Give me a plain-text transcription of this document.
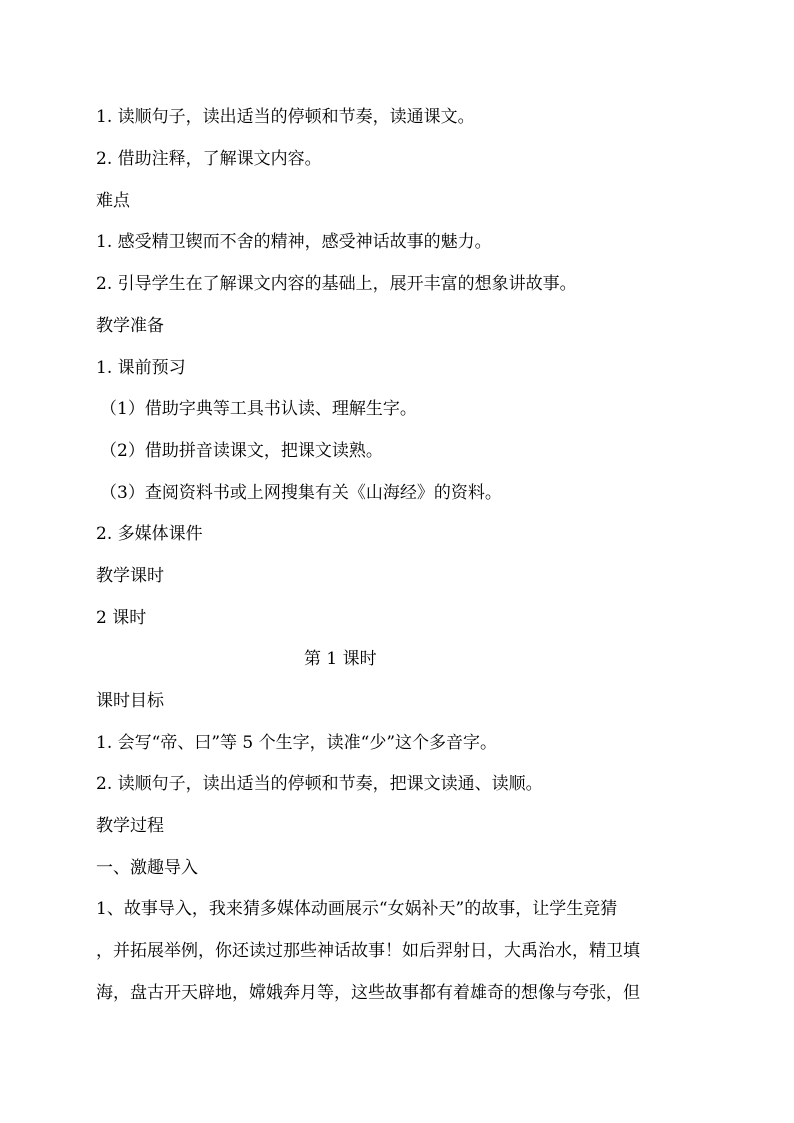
1. 读顺句子，读出适当的停顿和节奏，读通课文。
2. 借助注释，了解课文内容。
难点
1. 感受精卫锲而不舍的精神，感受神话故事的魅力。
2. 引导学生在了解课文内容的基础上，展开丰富的想象讲故事。
教学准备
1. 课前预习
（1）借助字典等工具书认读、理解生字。
（2）借助拼音读课文，把课文读熟。
（3）查阅资料书或上网搜集有关《山海经》的资料。
2. 多媒体课件
教学课时
2 课时
第 1 课时
课时目标
1. 会写“帝、曰”等 5 个生字，读准“少”这个多音字。
2. 读顺句子，读出适当的停顿和节奏，把课文读通、读顺。
教学过程
一、激趣导入
1、故事导入，我来猜多媒体动画展示“女娲补天”的故事，让学生竞猜
，并拓展举例，你还读过那些神话故事！如后羿射日，大禹治水，精卫填
海，盘古开天辟地，嫦娥奔月等，这些故事都有着雄奇的想像与夸张，但
